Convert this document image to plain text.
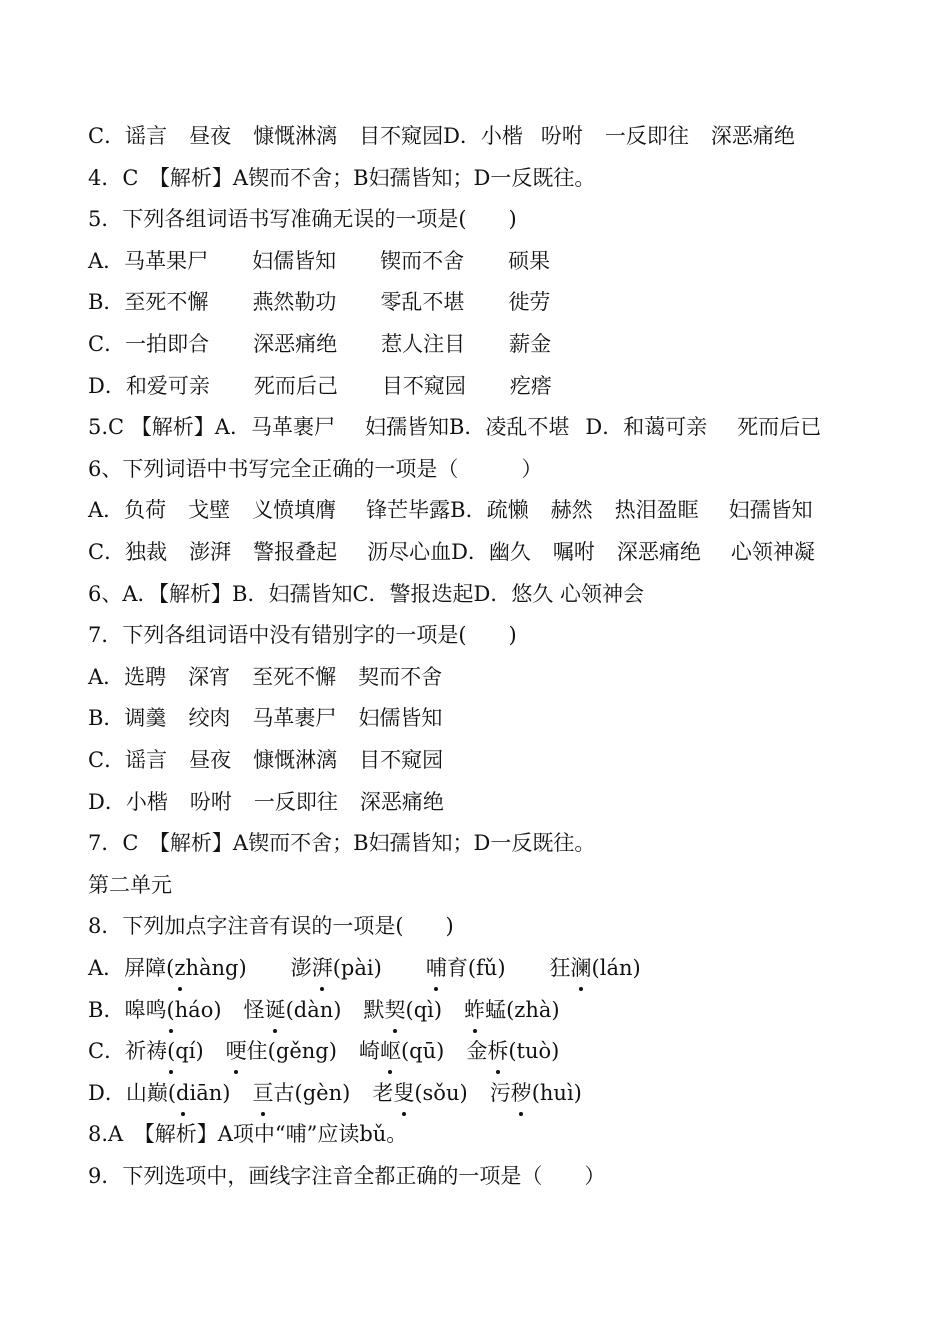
C．谣言 昼夜 慷慨淋漓 目不窥园D．小楷 吩咐 一反即往 深恶痛绝
4．C　【解析】A锲而不舍；B妇孺皆知；D一反既往。
5．下列各组词语书写准确无误的一项是(　　)
A．马革果尸 妇儒皆知 锲而不舍 硕果
B．至死不懈 燕然勒功 零乱不堪 徙劳
C．一拍即合 深恶痛绝 惹人注目 薪金
D．和爱可亲 死而后己 目不窥园 疙瘩
5.C 【解析】A．马革裹尸 妇孺皆知B．凌乱不堪 D．和蔼可亲 死而后已
6、下列词语中书写完全正确的一项是（　　　）
A．负荷 戈壁 义愤填膺 锋芒毕露B．疏懒 赫然 热泪盈眶 妇孺皆知
C．独裁 澎湃 警报叠起 沥尽心血D．幽久 嘱咐 深恶痛绝 心领神凝
6、A．【解析】B．妇孺皆知C．警报迭起D．悠久 心领神会
7．下列各组词语中没有错别字的一项是(　　)
A．选聘 深宵 至死不懈 契而不舍
B．调羹 绞肉 马革裹尸 妇儒皆知
C．谣言 昼夜 慷慨淋漓 目不窥园
D．小楷 吩咐 一反即往 深恶痛绝
7．C　【解析】A锲而不舍；B妇孺皆知；D一反既往。
第二单元
8．下列加点字注音有误的一项是(　　)
A．屏障(zhàng) 澎湃(pài) 哺育(fǔ) 狂澜(lán)
B．嗥鸣(háo) 怪诞(dàn) 默契(qì) 蚱蜢(zhà)
C．祈祷(qí) 哽住(gěng) 崎岖(qū) 金柝(tuò)
D．山巅(diān) 亘古(gèn) 老叟(sǒu) 污秽(huì)
8.A　【解析】A项中“哺”应读bǔ。
9．下列选项中，画线字注音全都正确的一项是（　　）
